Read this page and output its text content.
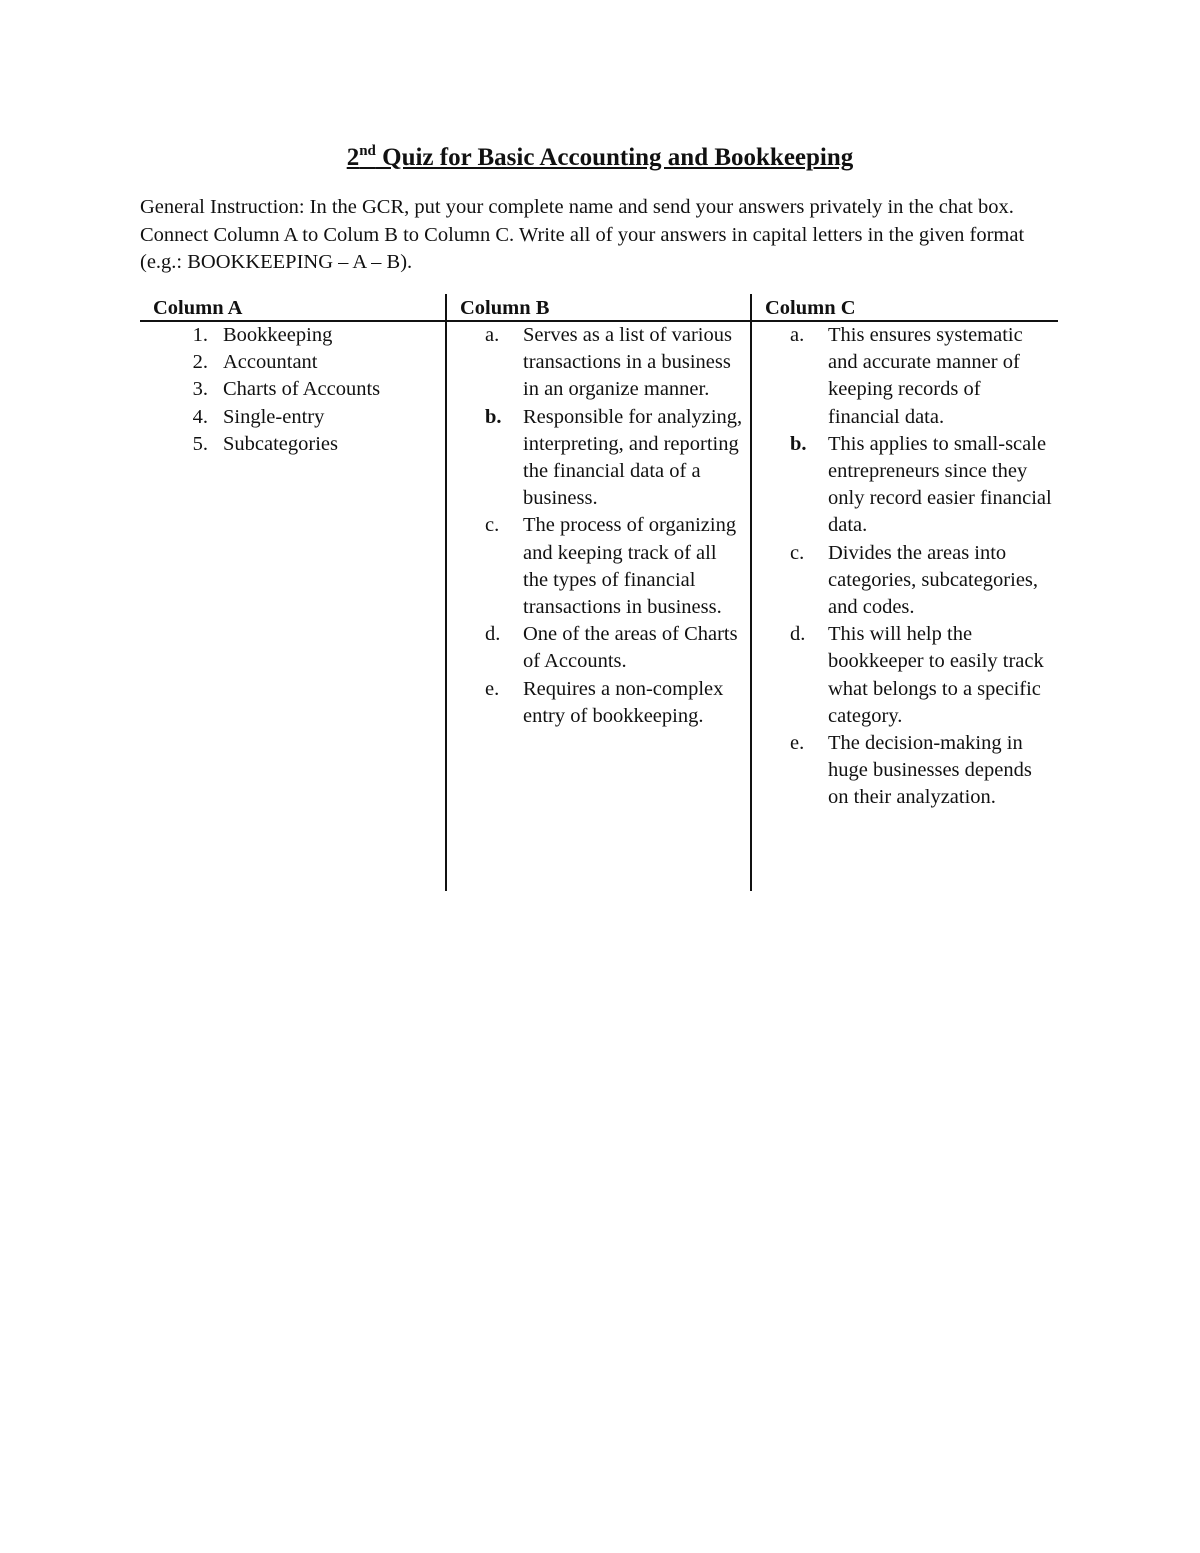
2nd Quiz for Basic Accounting and Bookkeeping

General Instruction: In the GCR, put your complete name and send your answers privately in the chat box. Connect Column A to Colum B to Column C. Write all of your answers in capital letters in the given format (e.g.: BOOKKEEPING – A – B).

Column A
1. Bookkeeping
2. Accountant
3. Charts of Accounts
4. Single-entry
5. Subcategories
Column B
a.	Serves as a list of various transactions in a business in an organize manner.
b. Responsible for analyzing, interpreting, and reporting the financial data of a business.
c.	The process of organizing and keeping track of all the types of financial transactions in business.
d.	One of the areas of Charts of Accounts.
e.	Requires a non-complex entry of bookkeeping.
Column C
a.	This ensures systematic and accurate manner of keeping records of financial data.
b. This applies to small-scale entrepreneurs since they only record easier financial data.
c.	Divides the areas into categories, subcategories, and codes.
d.	This will help the bookkeeper to easily track what belongs to a specific category.
e.	The decision-making in huge businesses depends on their analyzation.
